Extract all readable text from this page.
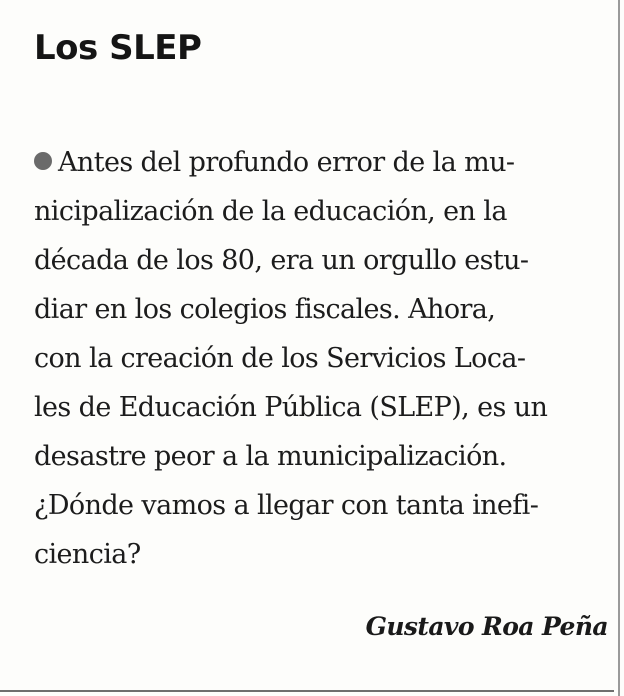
Los SLEP
Antes del profundo error de la mu-
nicipalización de la educación, en la
década de los 80, era un orgullo estu-
diar en los colegios fiscales. Ahora,
con la creación de los Servicios Loca-
les de Educación Pública (SLEP), es un
desastre peor a la municipalización.
¿Dónde vamos a llegar con tanta inefi-
ciencia?

Gustavo Roa Peña
